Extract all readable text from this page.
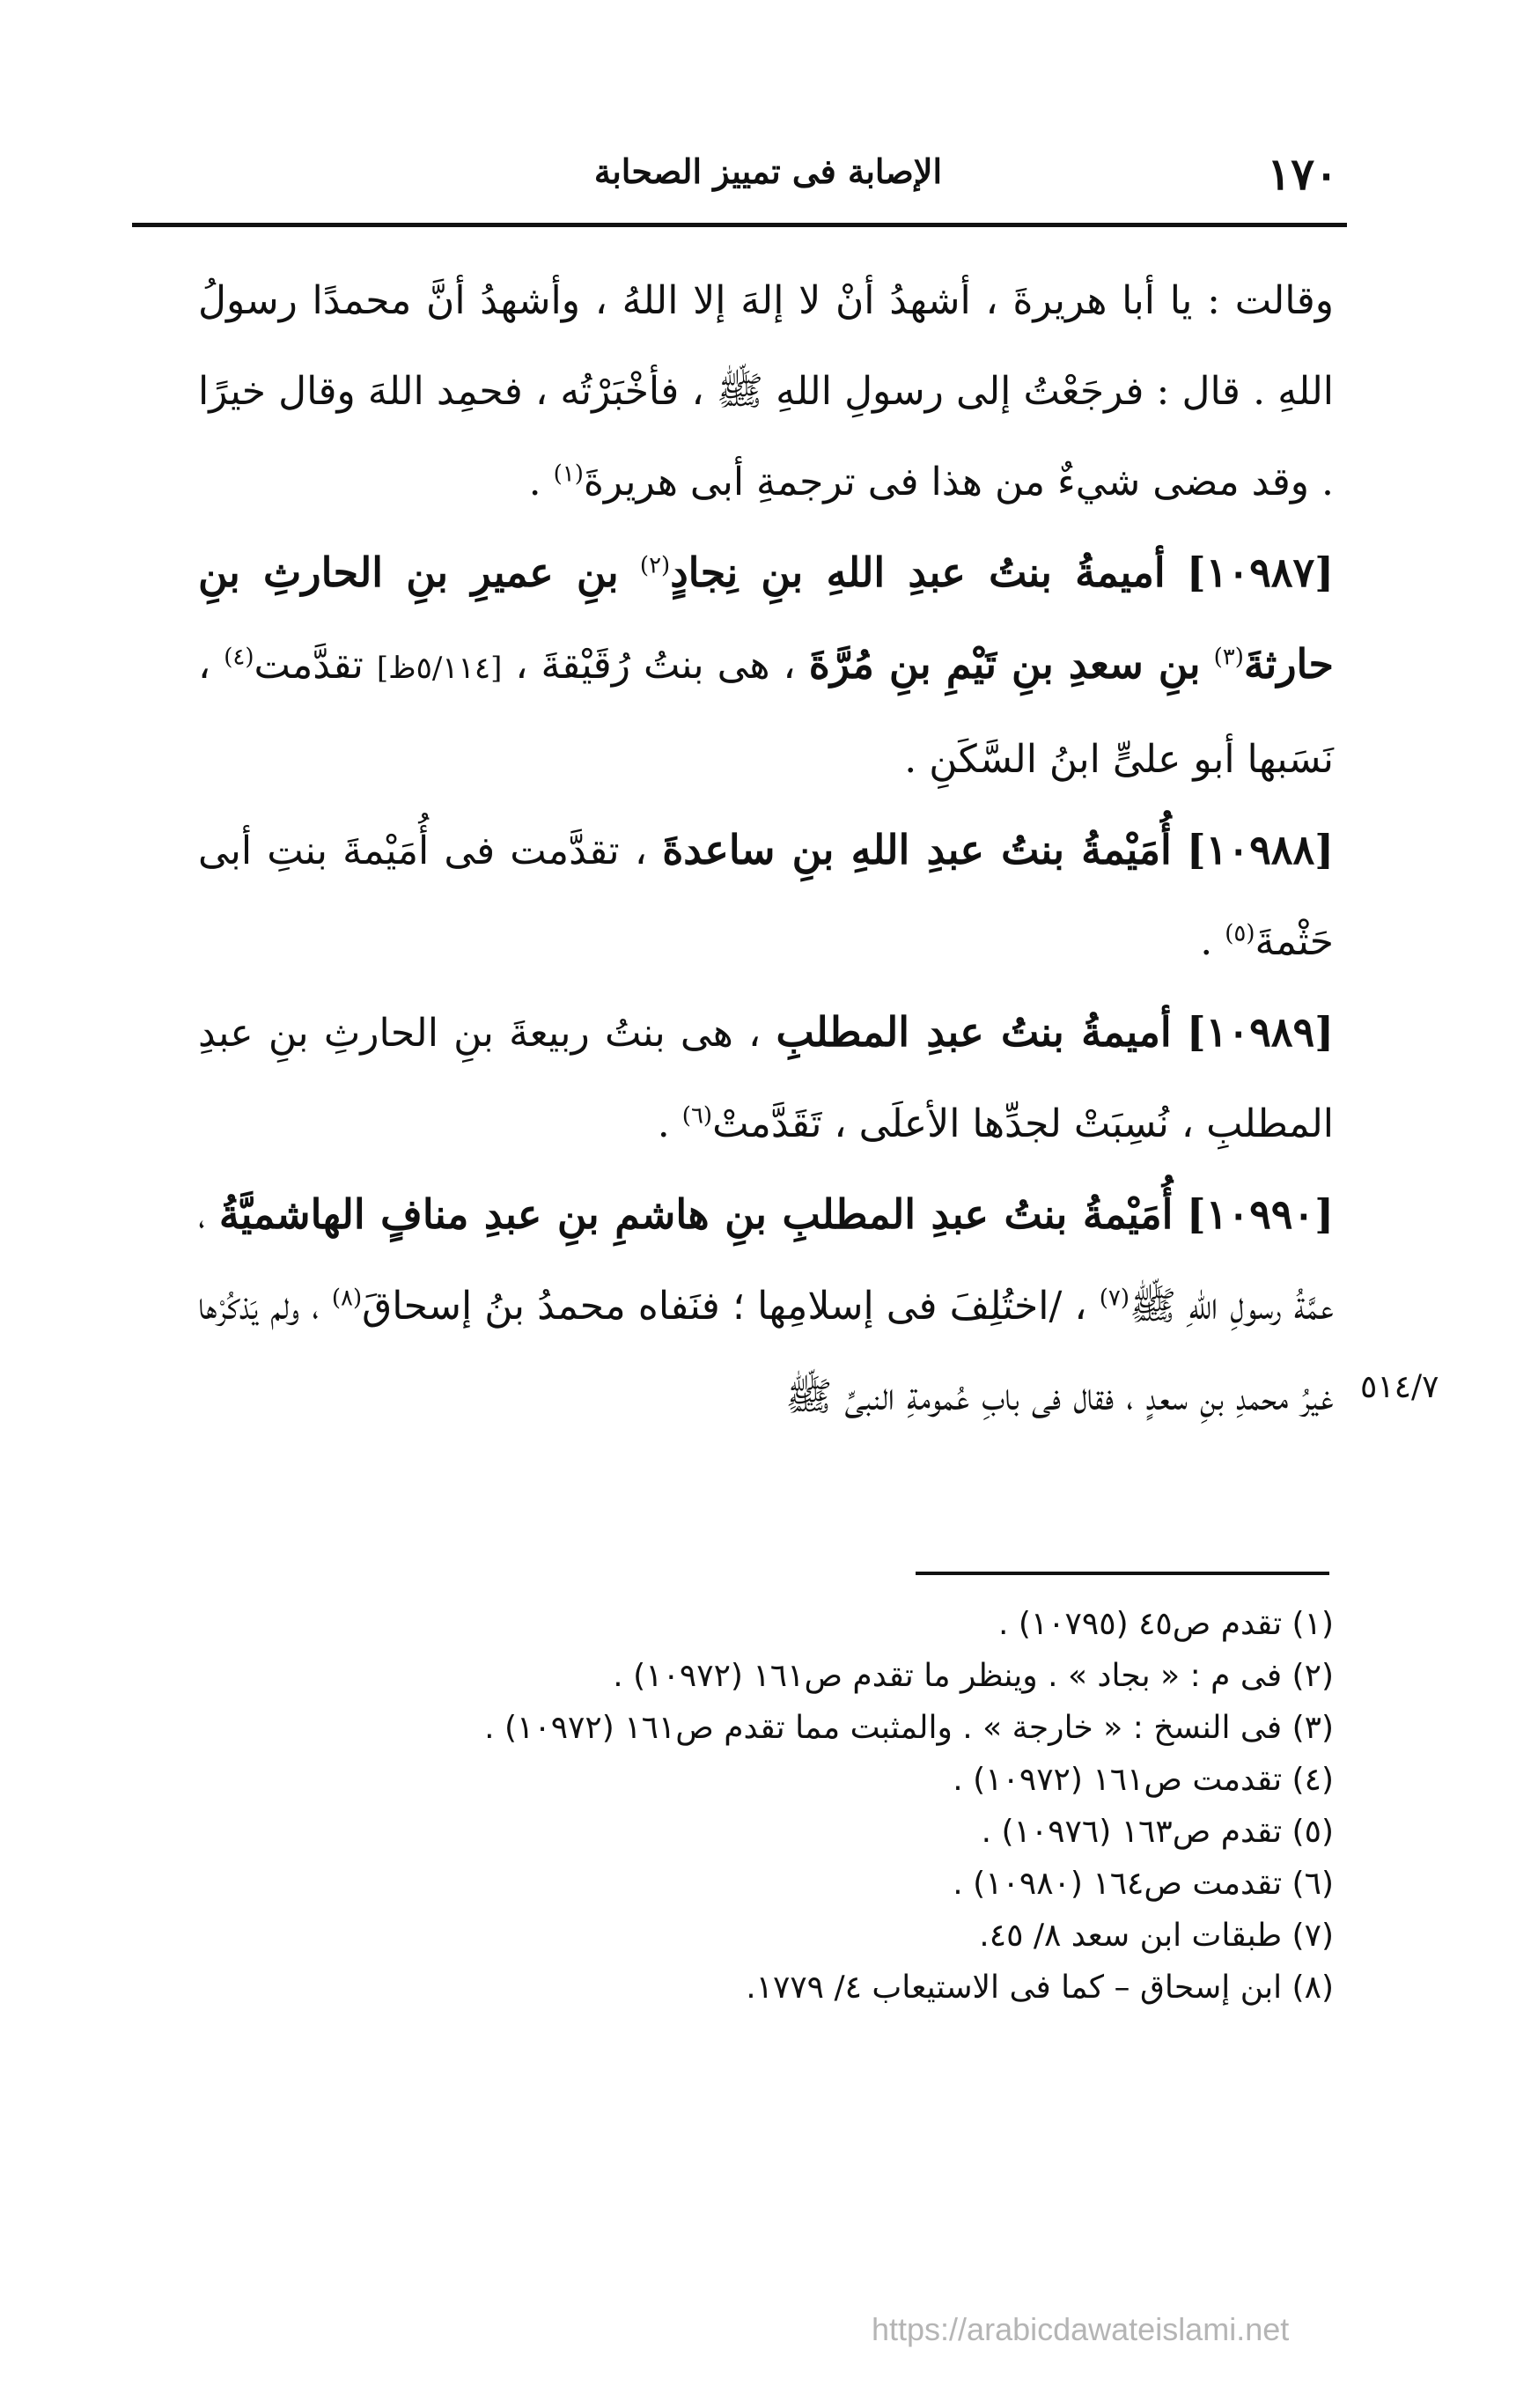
١٧٠
الإصابة فى تمييز الصحابة

وقالت : يا أبا هريرةَ ، أشهدُ أنْ لا إلهَ إلا اللهُ ، وأشهدُ أنَّ محمدًا رسولُ اللهِ . قال : فرجَعْتُ إلى رسولِ اللهِ ﷺ ، فأخْبَرْتُه ، فحمِد اللهَ وقال خيرًا . وقد مضى شيءٌ من هذا فى ترجمةِ أبى هريرةَ$^{(١)}$ .

[١٠٩٨٧] أميمةُ بنتُ عبدِ اللهِ بنِ نِجادٍ$^{(٢)}$ بنِ عميرِ بنِ الحارثِ بنِ حارثةَ$^{(٣)}$ بنِ سعدِ بنِ تَيْمِ بنِ مُرَّةَ ، هى بنتُ رُقَيْقةَ ، [٥/١١٤ظ] تقدَّمت$^{(٤)}$ ، نَسَبها أبو علىٍّ ابنُ السَّكَنِ .

[١٠٩٨٨] أُمَيْمةُ بنتُ عبدِ اللهِ بنِ ساعدةَ ، تقدَّمت فى أُمَيْمةَ بنتِ أبى حَثْمةَ$^{(٥)}$ .

[١٠٩٨٩] أميمةُ بنتُ عبدِ المطلبِ ، هى بنتُ ربيعةَ بنِ الحارثِ بنِ عبدِ المطلبِ ، نُسِبَتْ لجدِّها الأعلَى ، تَقَدَّمتْ$^{(٦)}$ .

[١٠٩٩٠] أُمَيْمةُ بنتُ عبدِ المطلبِ بنِ هاشمِ بنِ عبدِ منافٍ الهاشميَّةُ ، عمَّةُ رسولِ اللهِ ﷺ$^{(٧)}$ ، /اختُلِفَ فى إسلامِها ؛ فنَفاه محمدُ بنُ إسحاقَ$^{(٨)}$ ، ولم يَذكُرْها غيرُ محمدِ بنِ سعدٍ ، فقال فى بابِ عُمومةِ النبىِّ ﷺ ٥١٤/٧

(١) تقدم ص٤٥ (١٠٧٩٥) .

(٢) فى م : « بجاد » . وينظر ما تقدم ص١٦١ (١٠٩٧٢) .

(٣) فى النسخ : « خارجة » . والمثبت مما تقدم ص١٦١ (١٠٩٧٢) .

(٤) تقدمت ص١٦١ (١٠٩٧٢) .

(٥) تقدم ص١٦٣ (١٠٩٧٦) .

(٦) تقدمت ص١٦٤ (١٠٩٨٠) .

(٧) طبقات ابن سعد ٨/ ٤٥.

(٨) ابن إسحاق – كما فى الاستيعاب ٤/ ١٧٧٩.

https://arabicdawateislami.net
